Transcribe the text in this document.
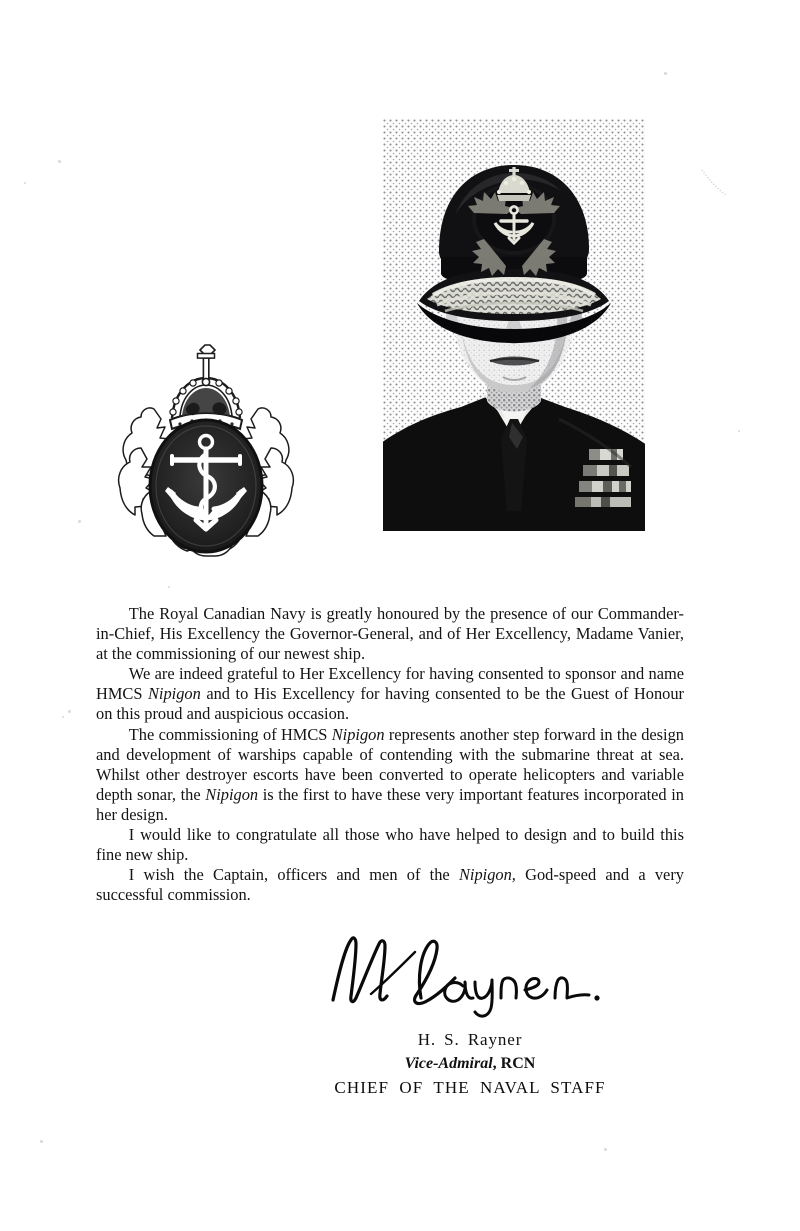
The Royal Canadian Navy is greatly honoured by the presence of our Commander-in-Chief, His Excellency the Governor-General, and of Her Excellency, Madame Vanier, at the commissioning of our newest ship.

We are indeed grateful to Her Excellency for having consented to sponsor and name HMCS Nipigon and to His Excellency for having consented to be the Guest of Honour on this proud and auspicious occasion.

The commissioning of HMCS Nipigon represents another step forward in the design and development of warships capable of contending with the submarine threat at sea. Whilst other destroyer escorts have been converted to operate helicopters and variable depth sonar, the Nipigon is the first to have these very important features incorporated in her design.

I would like to congratulate all those who have helped to design and to build this fine new ship.

I wish the Captain, officers and men of the Nipigon, God-speed and a very successful commission.

H. S. Rayner
Vice-Admiral, RCN
CHIEF OF THE NAVAL STAFF
